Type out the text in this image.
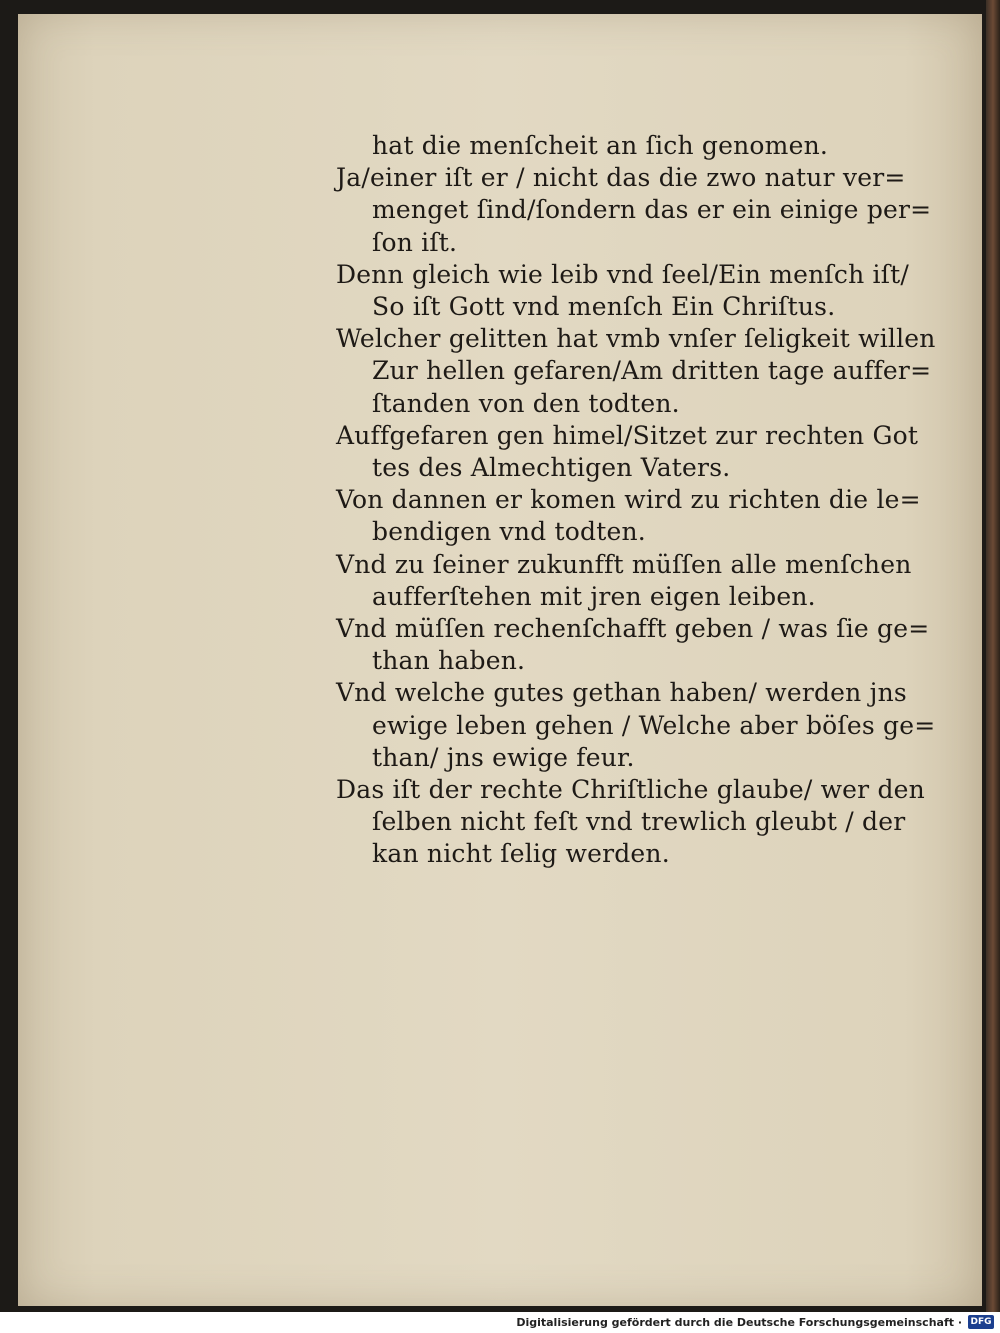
hat die menſcheit an ſich genomen.
Ja/einer iſt er / nicht das die zwo natur ver=
menget ſind/ſondern das er ein einige per=
ſon iſt.
Denn gleich wie leib vnd ſeel/Ein menſch iſt/
So iſt Gott vnd menſch Ein Chriſtus.
Welcher gelitten hat vmb vnſer ſeligkeit willen
Zur hellen gefaren/Am dritten tage auffer=
ſtanden von den todten.
Auffgefaren gen himel/Sitzet zur rechten Got
tes des Almechtigen Vaters.
Von dannen er komen wird zu richten die le=
bendigen vnd todten.
Vnd zu ſeiner zukunfft müſſen alle menſchen
aufferſtehen mit jren eigen leiben.
Vnd müſſen rechenſchafft geben / was ſie ge=
than haben.
Vnd welche gutes gethan haben/ werden jns
ewige leben gehen / Welche aber böſes ge=
than/ jns ewige feur.
Das iſt der rechte Chriſtliche glaube/ wer den
ſelben nicht feſt vnd trewlich gleubt / der
kan nicht ſelig werden.
Digitalisierung gefördert durch die Deutsche Forschungsgemeinschaft · DFG
